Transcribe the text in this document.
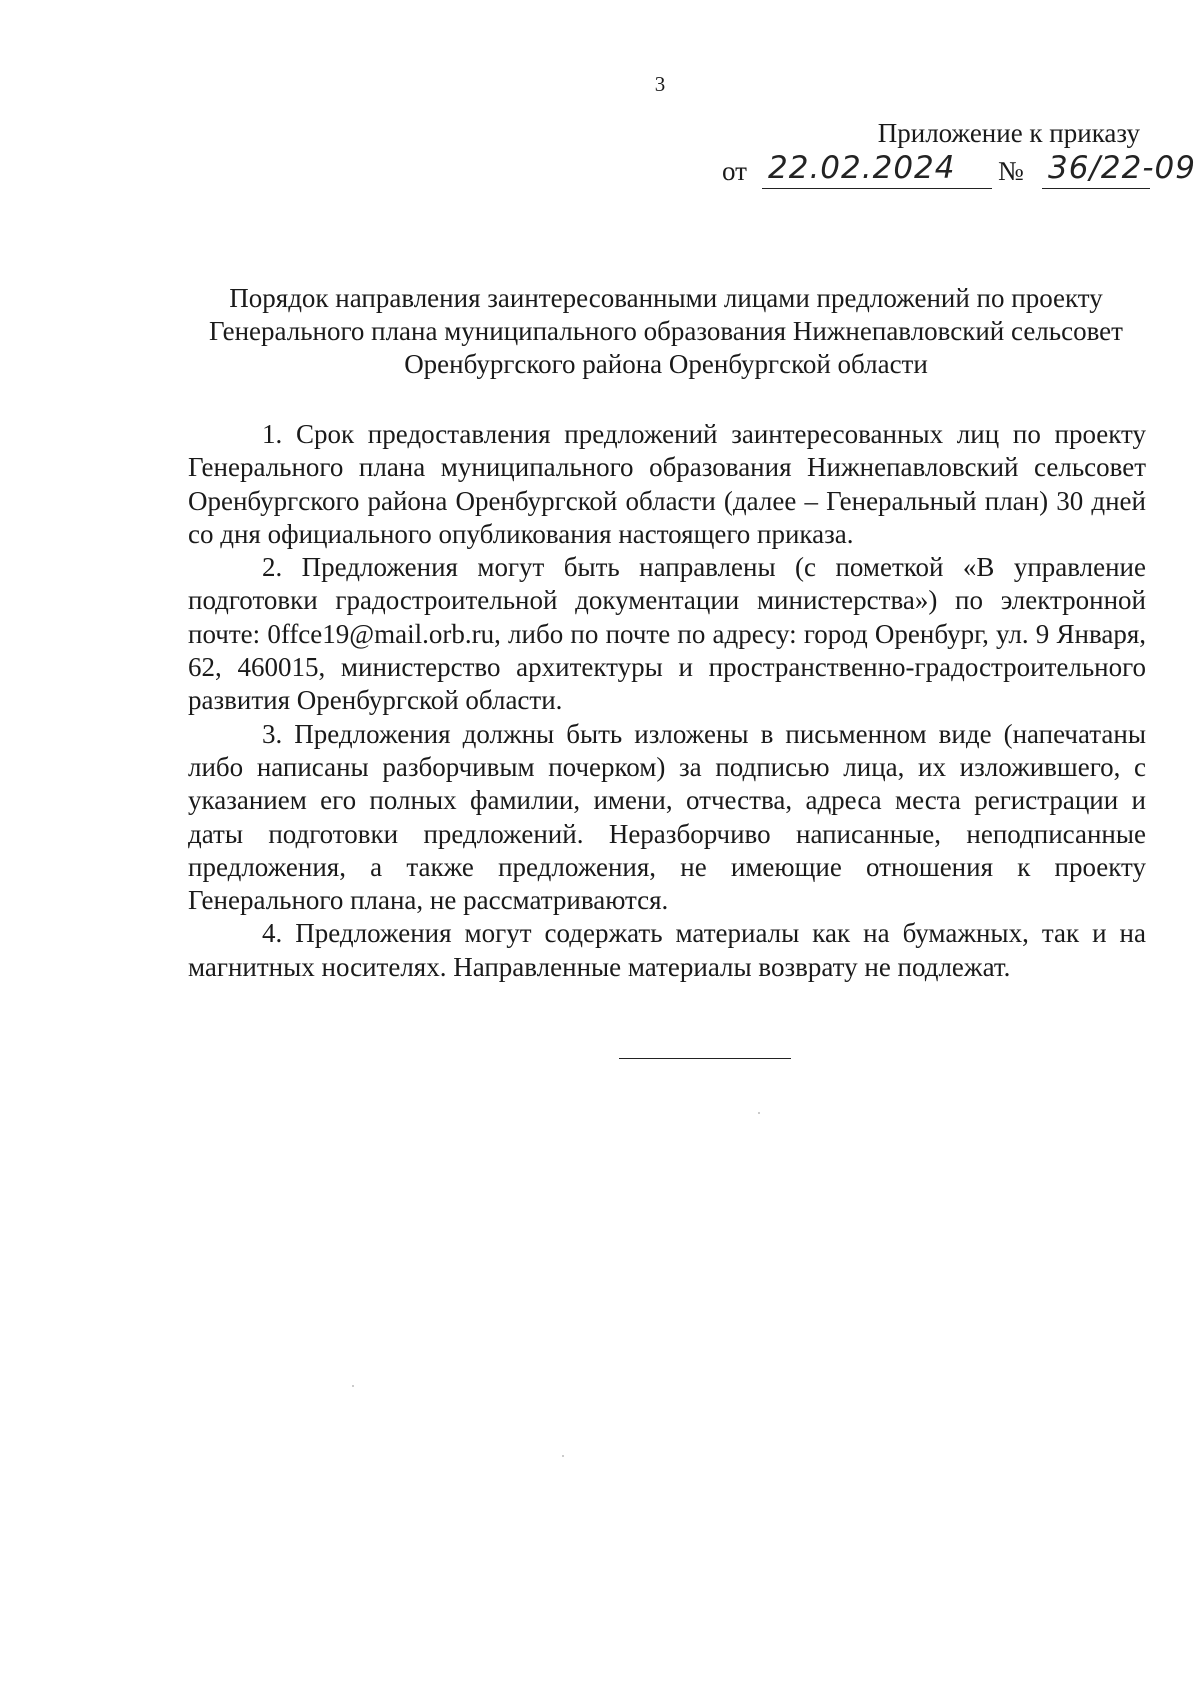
3
Приложение к приказу
от 22.02.2024 № 36/22-09
Порядок направления заинтересованными лицами предложений по проекту Генерального плана муниципального образования Нижнепавловский сельсовет Оренбургского района Оренбургской области

1. Срок предоставления предложений заинтересованных лиц по проекту Генерального плана муниципального образования Нижнепавловский сельсовет Оренбургского района Оренбургской области (далее – Генеральный план) 30 дней со дня официального опубликования настоящего приказа.

2. Предложения могут быть направлены (с пометкой «В управление подготовки градостроительной документации министерства») по электронной почте: 0ffce19@mail.orb.ru, либо по почте по адресу: город Оренбург, ул. 9 Января, 62, 460015, министерство архитектуры и пространственно-градостроительного развития Оренбургской области.

3. Предложения должны быть изложены в письменном виде (напечатаны либо написаны разборчивым почерком) за подписью лица, их изложившего, с указанием его полных фамилии, имени, отчества, адреса места регистрации и даты подготовки предложений. Неразборчиво написанные, неподписанные предложения, а также предложения, не имеющие отношения к проекту Генерального плана, не рассматриваются.

4. Предложения могут содержать материалы как на бумажных, так и на магнитных носителях. Направленные материалы возврату не подлежат.
